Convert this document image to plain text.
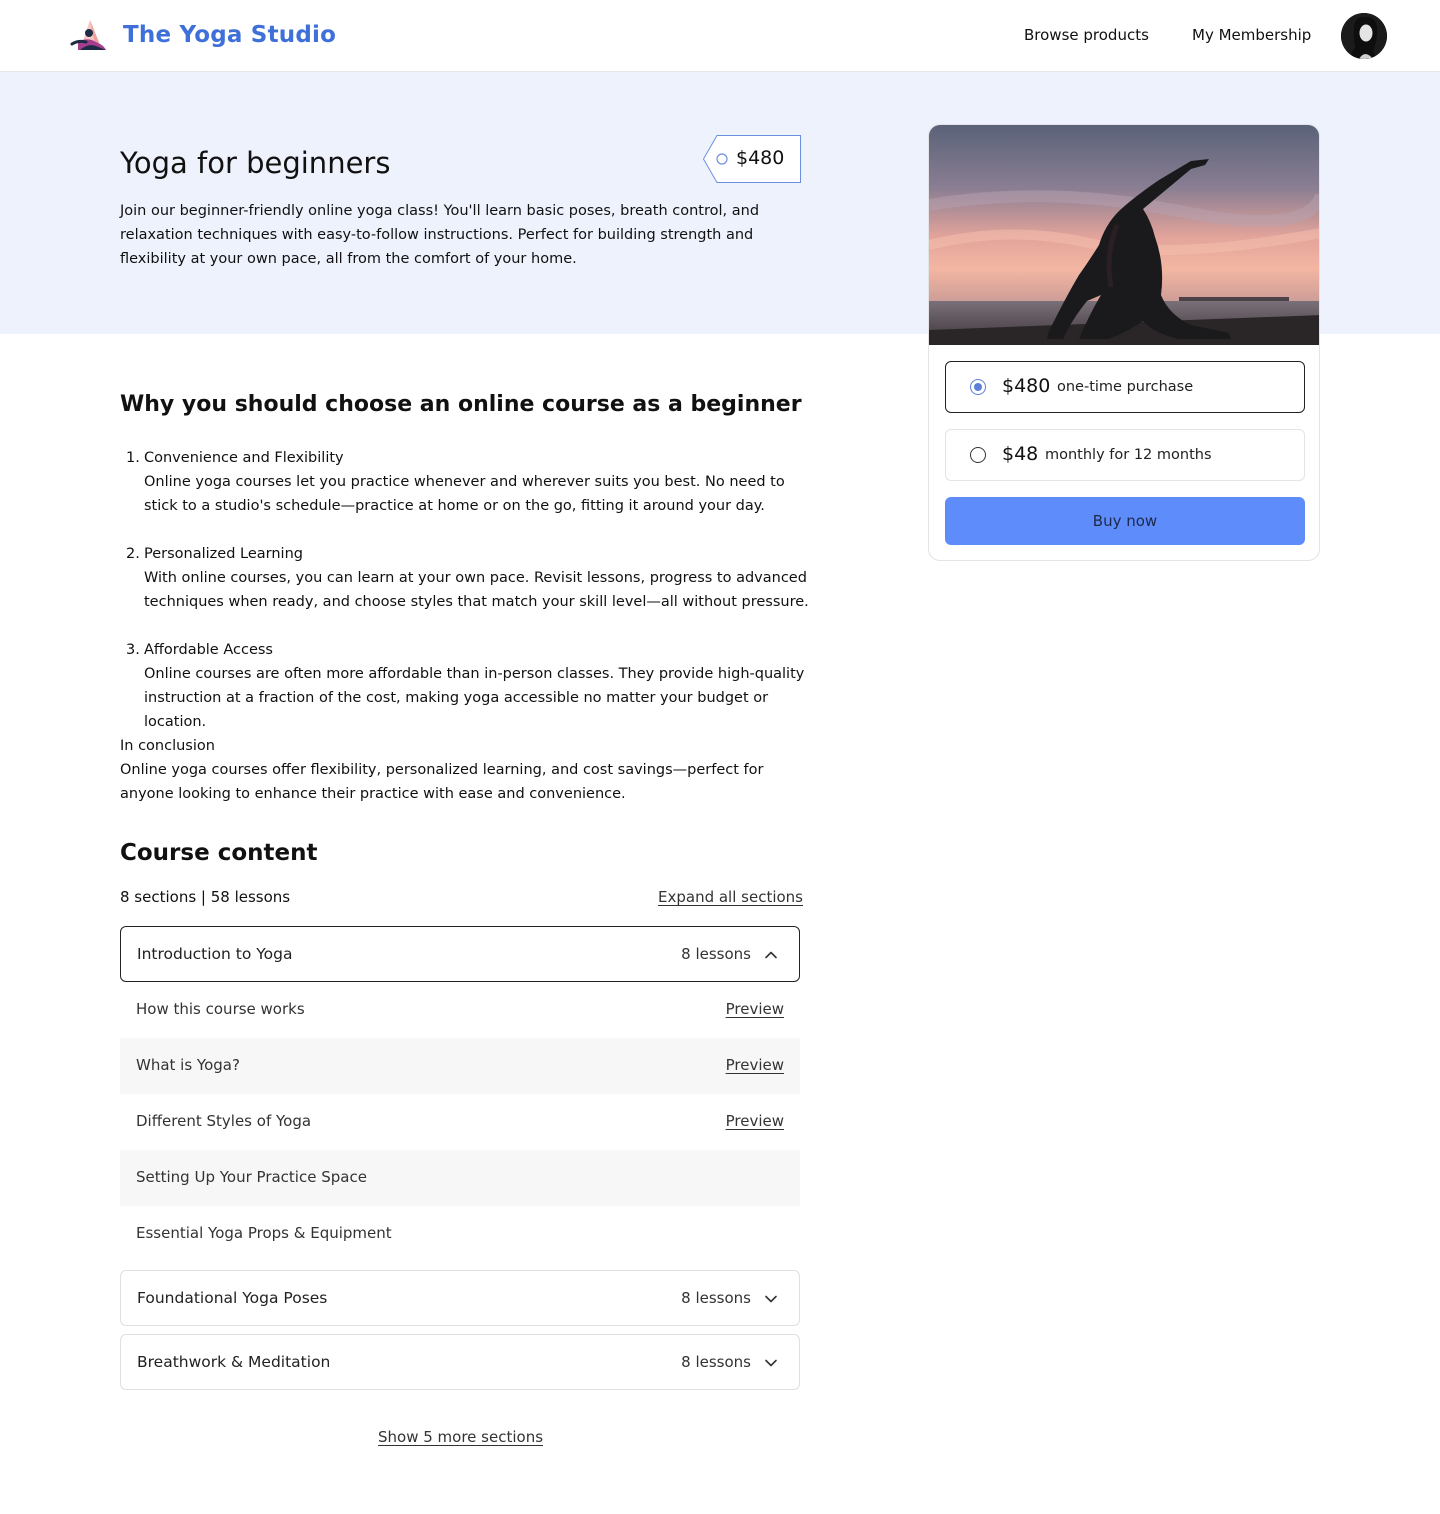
The Yoga Studio	Browse products	My Membership
Yoga for beginners	$480

Join our beginner-friendly online yoga class! You'll learn basic poses, breath control, and relaxation techniques with easy-to-follow instructions. Perfect for building strength and flexibility at your own pace, all from the comfort of your home.

Why you should choose an online course as a beginner
1. Convenience and Flexibility
Online yoga courses let you practice whenever and wherever suits you best. No need to stick to a studio's schedule—practice at home or on the go, fitting it around your day.
2. Personalized Learning
With online courses, you can learn at your own pace. Revisit lessons, progress to advanced techniques when ready, and choose styles that match your skill level—all without pressure.
3. Affordable Access
Online courses are often more affordable than in-person classes. They provide high-quality instruction at a fraction of the cost, making yoga accessible no matter your budget or location.
In conclusion
Online yoga courses offer flexibility, personalized learning, and cost savings—perfect for anyone looking to enhance their practice with ease and convenience.
Course content
8 sections | 58 lessons	Expand all sections
Introduction to Yoga	8 lessons
How this course works	Preview
What is Yoga?	Preview
Different Styles of Yoga	Preview
Setting Up Your Practice Space
Essential Yoga Props & Equipment
Foundational Yoga Poses	8 lessons
Breathwork & Meditation	8 lessons
Show 5 more sections
$480 one-time purchase
$48 monthly for 12 months
Buy now
